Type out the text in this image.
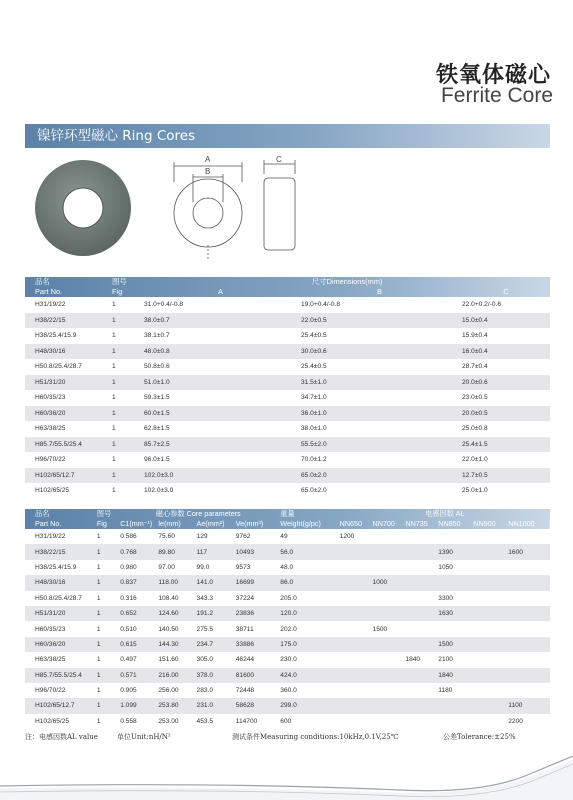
铁氧体磁心
Ferrite Core
镍锌环型磁心 Ring Cores
A
B
C
品名	图号	尺寸Dimensions(mm)		
Part No.	Fig	A	B	C
H31/19/22	1	31.0+0.4/-0.8	19.0+0.4/-0.8	22.0+0.2/-0.6
H38/22/15	1	38.0±0.7	22.0±0.5	15.0±0.4
H38/25.4/15.9	1	38.1±0.7	25.4±0.5	15.9±0.4
H48/30/16	1	48.0±0.8	30.0±0.6	16.0±0.4
H50.8/25.4/28.7	1	50.8±0.6	25.4±0.5	28.7±0.4
H51/31/20	1	51.0±1.0	31.5±1.0	20.0±0.6
H60/35/23	1	59.3±1.5	34.7±1.0	23.0±0.5
H60/36/20	1	60.0±1.5	36.0±1.0	20.0±0.5
H63/38/25	1	62.8±1.5	38.0±1.0	25.0±0.8
H85.7/55.5/25.4	1	85.7±2.5	55.5±2.0	25.4±1.5
H96/70/22	1	96.0±1.5	70.0±1.2	22.0±1.0
H102/65/12.7	1	102.0±3.0	65.0±2.0	12.7±0.5
H102/65/25	1	102.0±3.0	65.0±2.0	25.0±1.0
品名	图号	磁心参数 Core parameters				重量	电感因数 AL					
Part No.	Fig	C1(mm⁻¹)	le(mm)	Ae(mm²)	Ve(mm³)	Weight(g/pc)	NN650	NN700	NN735	NN850	NN900	NN1000
H31/19/22	1	0.586	75.60	129	9762	49	1200					
H38/22/15	1	0.768	89.80	117	10493	56.0				1390		1600
H38/25.4/15.9	1	0.980	97.00	99.0	9573	48.0				1050		
H48/30/16	1	0.837	118.00	141.0	16699	86.0		1000				
H50.8/25.4/28.7	1	0.316	108.40	343.3	37224	205.0				3300		
H51/31/20	1	0.652	124.60	191.2	23836	120.0				1630		
H60/35/23	1	0.510	140.50	275.5	38711	202.0		1500				
H60/36/20	1	0.615	144.30	234.7	33886	175.0				1500		
H63/38/25	1	0.497	151.60	305.0	46244	230.0			1840	2100		
H85.7/55.5/25.4	1	0.571	216.00	378.0	81600	424.0				1840		
H96/70/22	1	0.905	256.00	283.0	72448	360.0				1180		
H102/65/12.7	1	1.099	253.80	231.0	58628	299.0						1100
H102/65/25	1	0.558	253.00	453.5	114700	600						2200
注：电感因数AL value	单位Unit:nH/N²	测试条件Measuring conditions:10kHz,0.1V,25℃	公差Tolerance:±25%
